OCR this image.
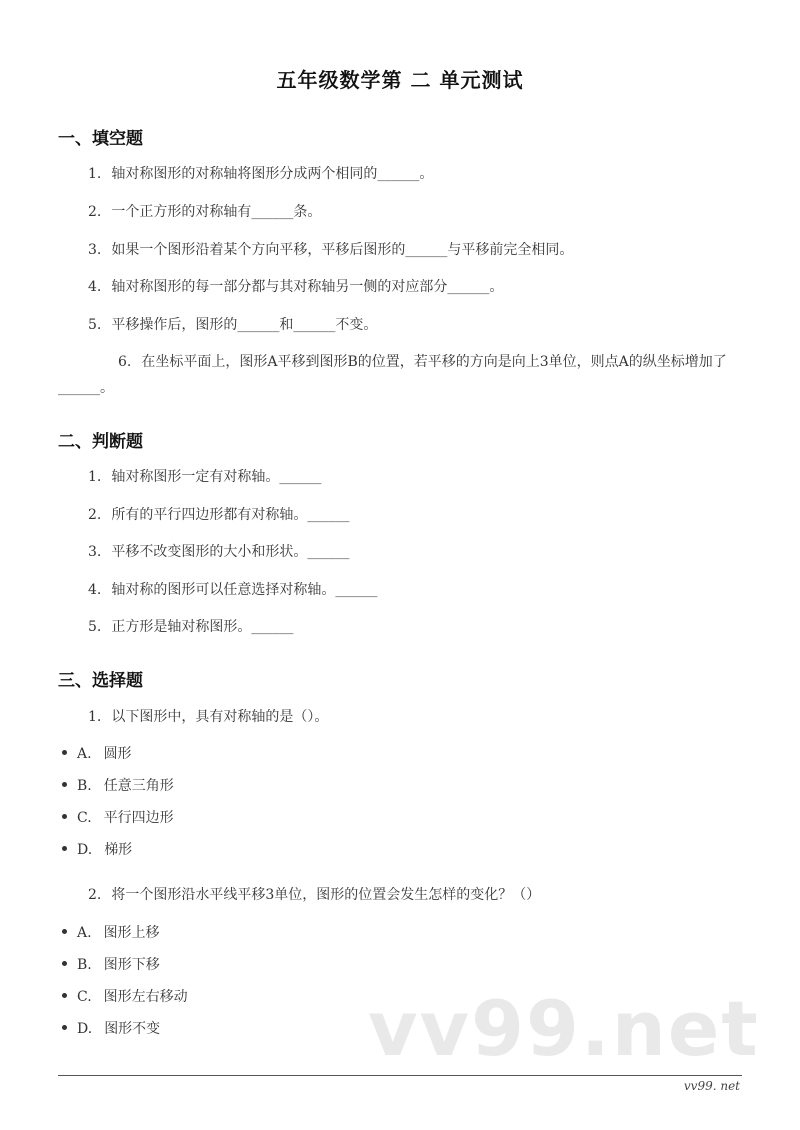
五年级数学第 二 单元测试
一、填空题
1. 轴对称图形的对称轴将图形分成两个相同的______。
2. 一个正方形的对称轴有______条。
3. 如果一个图形沿着某个方向平移，平移后图形的______与平移前完全相同。
4. 轴对称图形的每一部分都与其对称轴另一侧的对应部分______。
5. 平移操作后，图形的______和______不变。
6. 在坐标平面上，图形A平移到图形B的位置，若平移的方向是向上3单位，则点A的纵坐标增加了______。
二、判断题
1. 轴对称图形一定有对称轴。______
2. 所有的平行四边形都有对称轴。______
3. 平移不改变图形的大小和形状。______
4. 轴对称的图形可以任意选择对称轴。______
5. 正方形是轴对称图形。______
三、选择题
1. 以下图形中，具有对称轴的是（）。
A. 圆形
B. 任意三角形
C. 平行四边形
D. 梯形
2. 将一个图形沿水平线平移3单位，图形的位置会发生怎样的变化？（）
A. 图形上移
B. 图形下移
C. 图形左右移动
D. 图形不变	vv99.net
vv99. net
